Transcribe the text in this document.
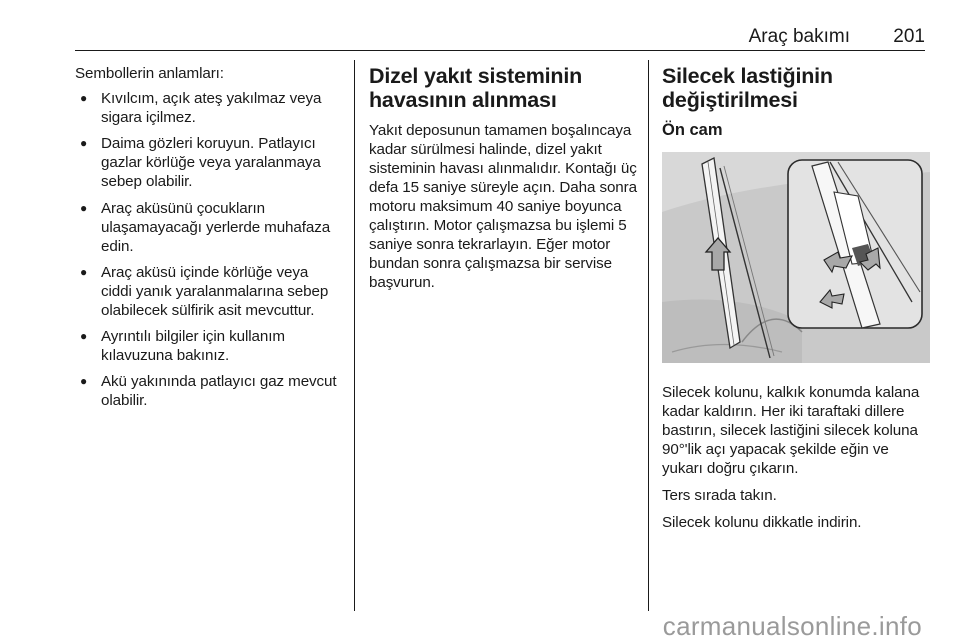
Araç bakımı 201

Sembollerin anlamları:

● Kıvılcım, açık ateş yakılmaz veya sigara içilmez.
● Daima gözleri koruyun. Patlayıcı gazlar körlüğe veya yaralanmaya sebep olabilir.
● Araç aküsünü çocukların ulaşamayacağı yerlerde muhafaza edin.
● Araç aküsü içinde körlüğe veya ciddi yanık yaralanmalarına sebep olabilecek sülfirik asit mevcuttur.
● Ayrıntılı bilgiler için kullanım kılavuzuna bakınız.
● Akü yakınında patlayıcı gaz mevcut olabilir.
Dizel yakıt sisteminin havasının alınması

Yakıt deposunun tamamen boşalıncaya kadar sürülmesi halinde, dizel yakıt sisteminin havası alınmalıdır. Kontağı üç defa 15 saniye süreyle açın. Daha sonra motoru maksimum 40 saniye boyunca çalıştırın. Motor çalışmazsa bu işlemi 5 saniye sonra tekrarlayın. Eğer motor bundan sonra çalışmazsa bir servise başvurun.

Silecek lastiğinin değiştirilmesi
Ön cam

Silecek kolunu, kalkık konumda kalana kadar kaldırın. Her iki taraftaki dillere bastırın, silecek lastiğini silecek koluna 90°'lik açı yapacak şekilde eğin ve yukarı doğru çıkarın.

Ters sırada takın.

Silecek kolunu dikkatle indirin.

carmanualsonline.info
